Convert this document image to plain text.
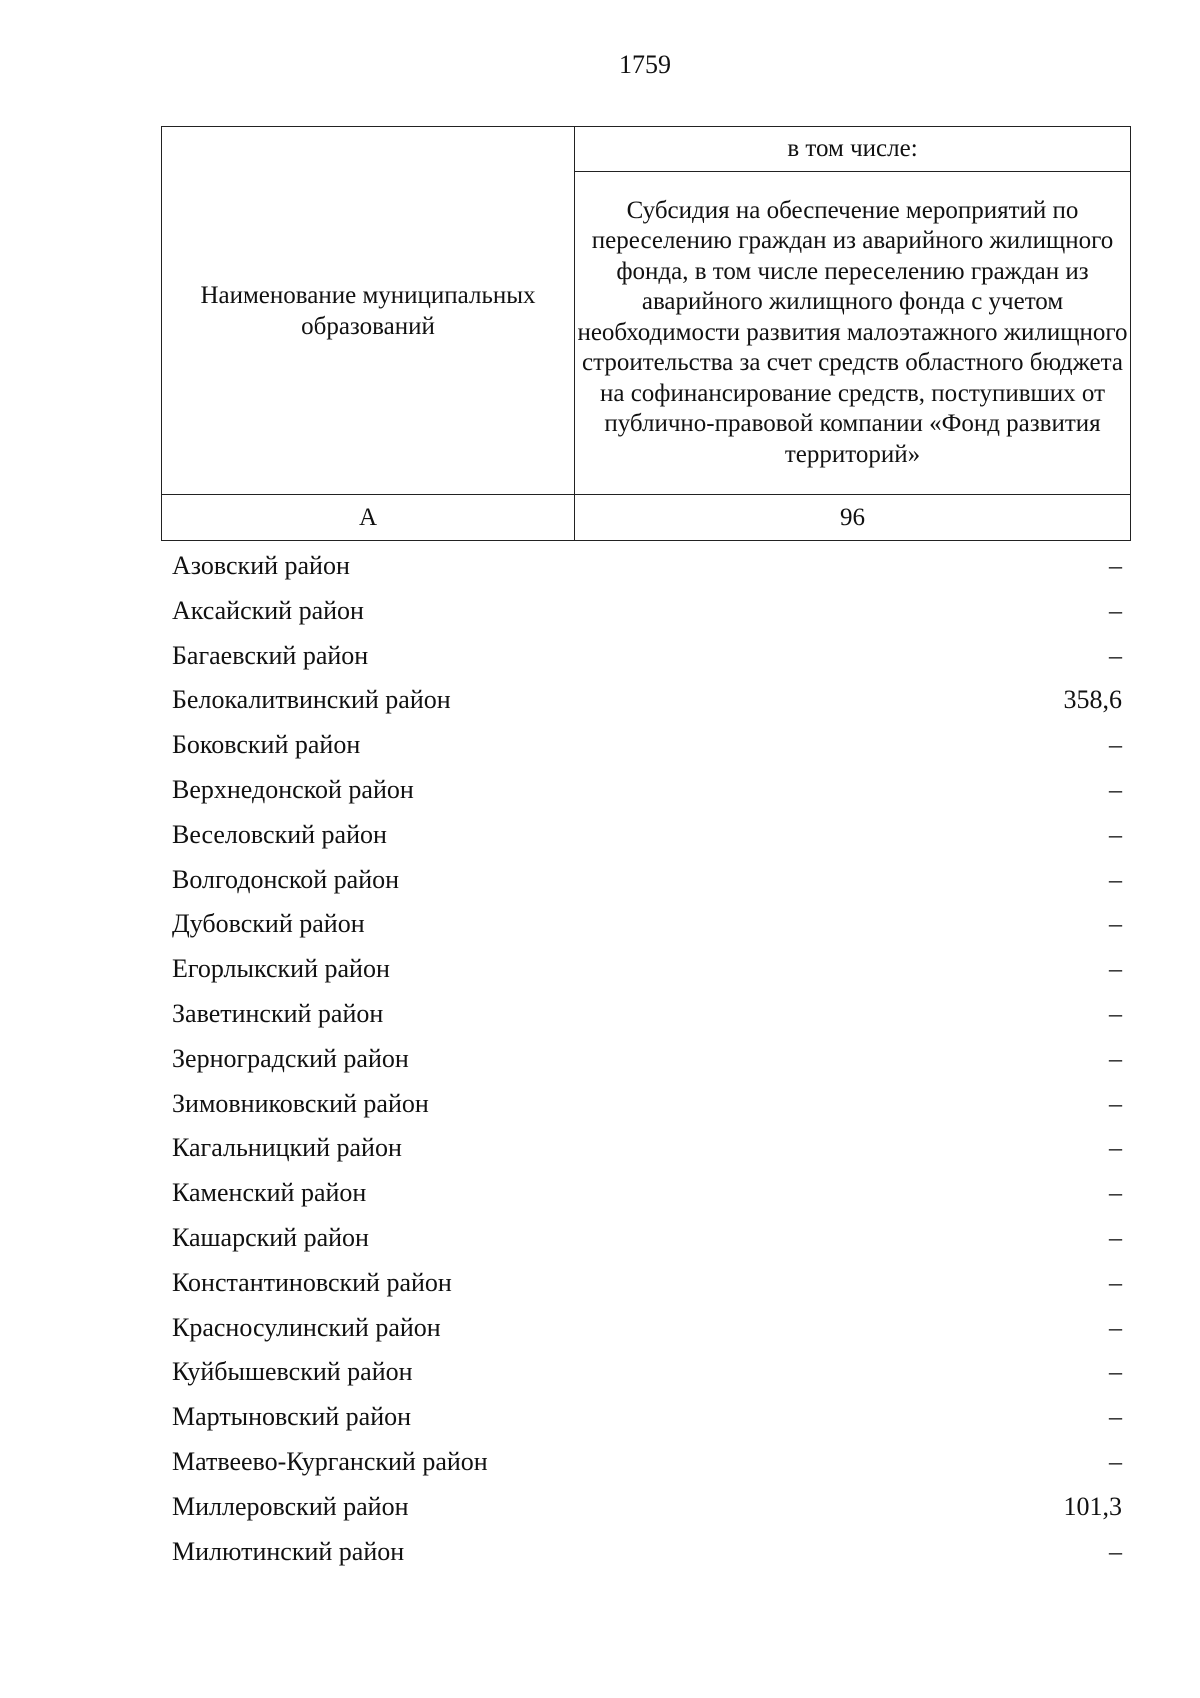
1759
Наименование муниципальных образований	в том числе:
	Субсидия на обеспечение мероприятий по переселению граждан из аварийного жилищного фонда, в том числе переселению граждан из аварийного жилищного фонда с учетом необходимости развития малоэтажного жилищного строительства за счет средств областного бюджета на софинансирование средств, поступивших от публично-правовой компании «Фонд развития территорий»
А	96
Азовский район	–
Аксайский район	–
Багаевский район	–
Белокалитвинский район	358,6
Боковский район	–
Верхнедонской район	–
Веселовский район	–
Волгодонской район	–
Дубовский район	–
Егорлыкский район	–
Заветинский район	–
Зерноградский район	–
Зимовниковский район	–
Кагальницкий район	–
Каменский район	–
Кашарский район	–
Константиновский район	–
Красносулинский район	–
Куйбышевский район	–
Мартыновский район	–
Матвеево-Курганский район	–
Миллеровский район	101,3
Милютинский район	–
